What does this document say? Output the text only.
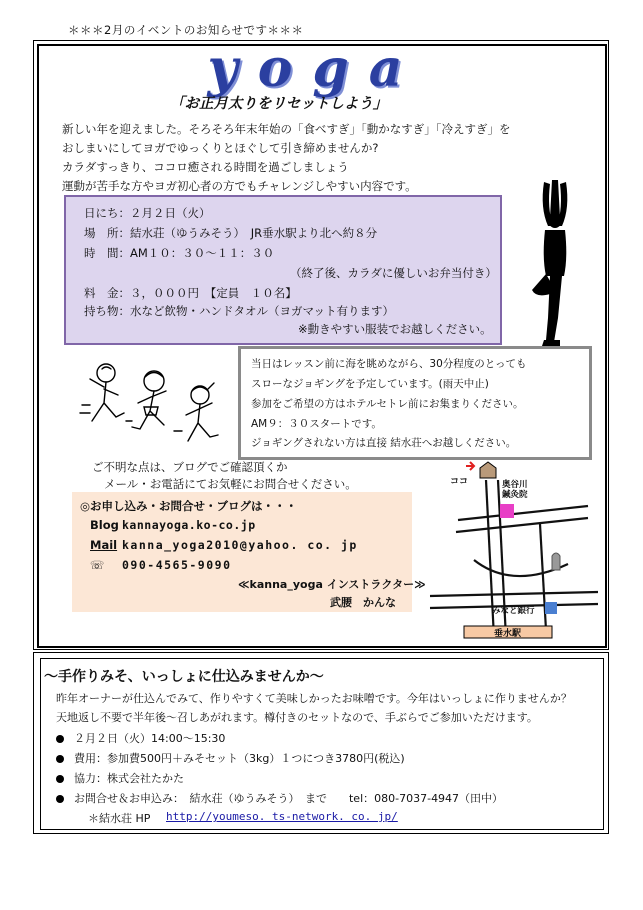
＊＊＊2月のイベントのお知らせです＊＊＊
yoga
「お正月太りをリセットしよう」
新しい年を迎えました。そろそろ年末年始の「食べすぎ」「動かなすぎ」「冷えすぎ」を
おしまいにしてヨガでゆっくりとほぐして引き締めませんか?
カラダすっきり、ココロ癒される時間を過ごしましょう
運動が苦手な方やヨガ初心者の方でもチャレンジしやすい内容です。
日にち：２月２日（火）
場　所：結水荘（ゆうみそう）　JR垂水駅より北へ約８分
時　間：AM１０：３０～１１：３０
（終了後、カラダに優しいお弁当付き）
料　金：３，０００円　【定員　１０名】
持ち物：水など飲物・ハンドタオル（ヨガマット有ります）
※動きやすい服装でお越しください。
当日はレッスン前に海を眺めながら、30分程度のとっても
スローなジョギングを予定しています。(雨天中止)
参加をご希望の方はホテルセトレ前にお集まりください。
AM９：３０スタートです。
ジョギングされない方は直接 結水荘へお越しください。
ご不明な点は、ブログでご確認頂くか
メール・お電話にてお気軽にお問合せください。
◎お申し込み・お問合せ・ブログは・・・
Blog kannayoga.ko-co.jp
Mail kanna_yoga2010@yahoo. co. jp
☏ 090-4565-9090
≪kanna_yoga インストラクター≫
武腰　かんな
ココ	奥谷川
鍼灸院
みなと銀行
垂水駅
～手作りみそ、いっしょに仕込みませんか～
昨年オーナーが仕込んでみて、作りやすくて美味しかったお味噌です。今年はいっしょに作りませんか？
天地返し不要で半年後～召しあがれます。樽付きのセットなので、手ぶらでご参加いただけます。
２月２日（火）14:00～15:30
費用：参加費500円＋みそセット（3kg）１つにつき3780円(税込)
協力：株式会社たかた
お問合せ＆お申込み：　結水荘（ゆうみそう）　まで　　tel：080-7037-4947（田中）
＊結水荘 HP http://youmeso. ts-network. co. jp/
